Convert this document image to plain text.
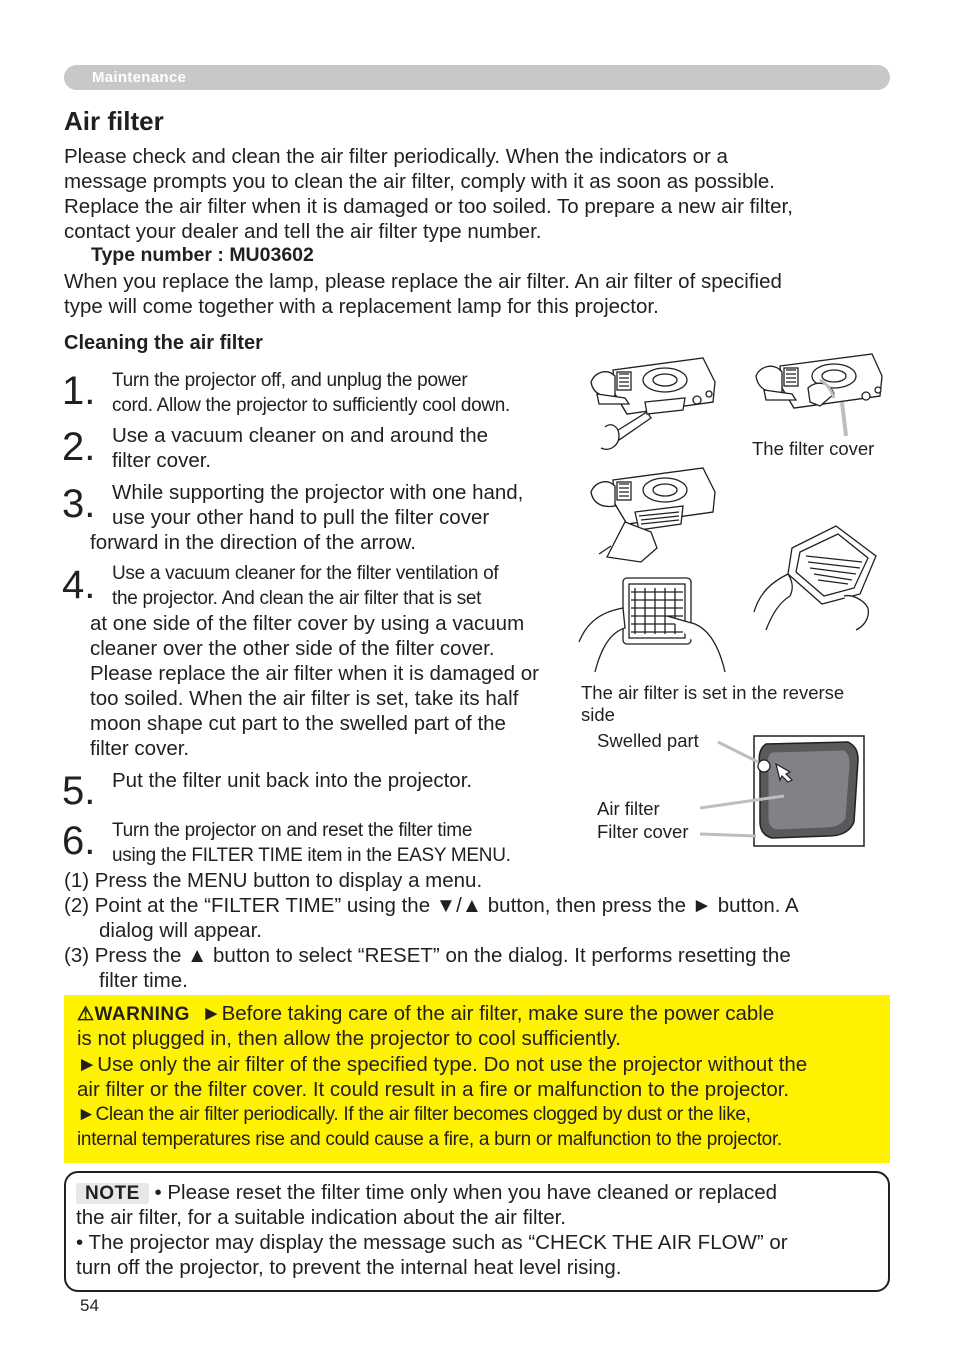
Maintenance
Air filter
Please check and clean the air filter periodically. When the indicators or a
message prompts you to clean the air filter, comply with it as soon as possible.
Replace the air filter when it is damaged or too soiled. To prepare a new air filter,
contact your dealer and tell the air filter type number.
Type number : MU03602
When you replace the lamp, please replace the air filter. An air filter of specified
type will come together with a replacement lamp for this projector.
Cleaning the air filter
1. Turn the projector off, and unplug the power
cord. Allow the projector to sufficiently cool down.
2. Use a vacuum cleaner on and around the
filter cover.
3. While supporting the projector with one hand,
use your other hand to pull the filter cover
forward in the direction of the arrow.
4. Use a vacuum cleaner for the filter ventilation of
the projector. And clean the air filter that is set
at one side of the filter cover by using a vacuum
cleaner over the other side of the filter cover.
Please replace the air filter when it is damaged or
too soiled. When the air filter is set, take its half
moon shape cut part to the swelled part of the
filter cover.
5. Put the filter unit back into the projector.
6. Turn the projector on and reset the filter time
using the FILTER TIME item in the EASY MENU.
(1) Press the MENU button to display a menu.
(2) Point at the “FILTER TIME” using the ▼/▲ button, then press the ► button. A
dialog will appear.
(3) Press the ▲ button to select “RESET” on the dialog. It performs resetting the
filter time.
The filter cover
The air filter is set in the reverse
side
Swelled part
Air filter
Filter cover

⚠WARNING ►Before taking care of the air filter, make sure the power cable

is not plugged in, then allow the projector to cool sufficiently.

►Use only the air filter of the specified type. Do not use the projector without the

air filter or the filter cover. It could result in a fire or malfunction to the projector.

►Clean the air filter periodically. If the air filter becomes clogged by dust or the like,

internal temperatures rise and could cause a fire, a burn or malfunction to the projector.

NOTE • Please reset the filter time only when you have cleaned or replaced

the air filter, for a suitable indication about the air filter.

• The projector may display the message such as “CHECK THE AIR FLOW” or

turn off the projector, to prevent the internal heat level rising.

54
